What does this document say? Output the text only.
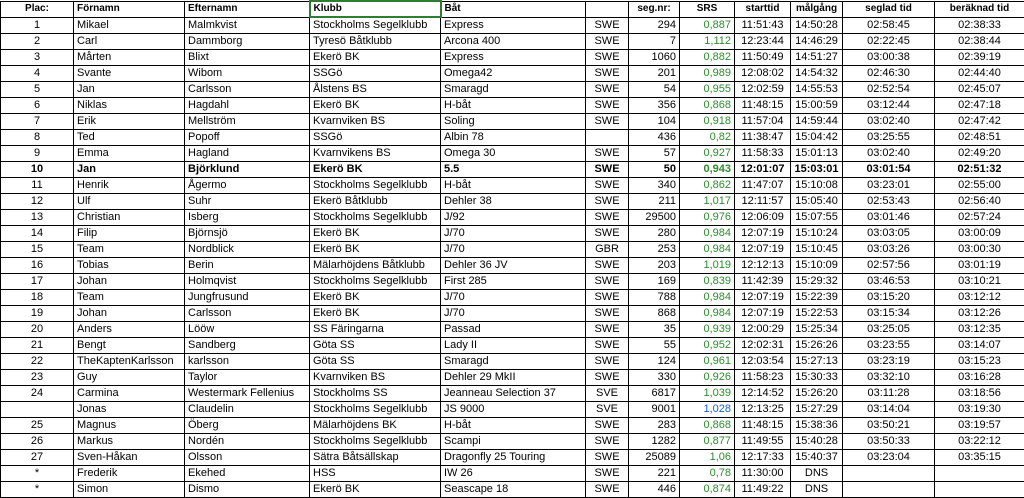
Plac:	Förnamn	Efternamn	Klubb	Båt		seg.nr:	SRS	starttid	målgång	seglad tid	beräknad tid
1	Mikael	Malmkvist	Stockholms Segelklubb	Express	SWE	294	0,887	11:51:43	14:50:28	02:58:45	02:38:33
2	Carl	Dammborg	Tyresö Båtklubb	Arcona 400	SWE	7	1,112	12:23:44	14:46:29	02:22:45	02:38:44
3	Mårten	Blixt	Ekerö BK	Express	SWE	1060	0,882	11:50:49	14:51:27	03:00:38	02:39:19
4	Svante	Wibom	SSGö	Omega42	SWE	201	0,989	12:08:02	14:54:32	02:46:30	02:44:40
5	Jan	Carlsson	Ålstens BS	Smaragd	SWE	54	0,955	12:02:59	14:55:53	02:52:54	02:45:07
6	Niklas	Hagdahl	Ekerö BK	H-båt	SWE	356	0,868	11:48:15	15:00:59	03:12:44	02:47:18
7	Erik	Mellström	Kvarnviken BS	Soling	SWE	104	0,918	11:57:04	14:59:44	03:02:40	02:47:42
8	Ted	Popoff	SSGö	Albin 78		436	0,82	11:38:47	15:04:42	03:25:55	02:48:51
9	Emma	Hagland	Kvarnvikens BS	Omega 30	SWE	57	0,927	11:58:33	15:01:13	03:02:40	02:49:20
10	Jan	Björklund	Ekerö BK	5.5	SWE	50	0,943	12:01:07	15:03:01	03:01:54	02:51:32
11	Henrik	Ågermo	Stockholms Segelklubb	H-båt	SWE	340	0,862	11:47:07	15:10:08	03:23:01	02:55:00
12	Ulf	Suhr	Ekerö Båtklubb	Dehler 38	SWE	211	1,017	12:11:57	15:05:40	02:53:43	02:56:40
13	Christian	Isberg	Stockholms Segelklubb	J/92	SWE	29500	0,976	12:06:09	15:07:55	03:01:46	02:57:24
14	Filip	Björnsjö	Ekerö BK	J/70	SWE	280	0,984	12:07:19	15:10:24	03:03:05	03:00:09
15	Team	Nordblick	Ekerö BK	J/70	GBR	253	0,984	12:07:19	15:10:45	03:03:26	03:00:30
16	Tobias	Berin	Mälarhöjdens Båtklubb	Dehler 36 JV	SWE	203	1,019	12:12:13	15:10:09	02:57:56	03:01:19
17	Johan	Holmqvist	Stockholms Segelklubb	First 285	SWE	169	0,839	11:42:39	15:29:32	03:46:53	03:10:21
18	Team	Jungfrusund	Ekerö BK	J/70	SWE	788	0,984	12:07:19	15:22:39	03:15:20	03:12:12
19	Johan	Carlsson	Ekerö BK	J/70	SWE	868	0,984	12:07:19	15:22:53	03:15:34	03:12:26
20	Anders	Lööw	SS Färingarna	Passad	SWE	35	0,939	12:00:29	15:25:34	03:25:05	03:12:35
21	Bengt	Sandberg	Göta SS	Lady II	SWE	55	0,952	12:02:31	15:26:26	03:23:55	03:14:07
22	TheKaptenKarlsson	karlsson	Göta SS	Smaragd	SWE	124	0,961	12:03:54	15:27:13	03:23:19	03:15:23
23	Guy	Taylor	Kvarnviken BS	Dehler 29 MkII	SWE	330	0,926	11:58:23	15:30:33	03:32:10	03:16:28
24	Carmina	Westermark Fellenius	Stockholms SS	Jeanneau Selection 37	SVE	6817	1,039	12:14:52	15:26:20	03:11:28	03:18:56
	Jonas	Claudelin	Stockholms Segelklubb	JS 9000	SVE	9001	1,028	12:13:25	15:27:29	03:14:04	03:19:30
25	Magnus	Öberg	Mälarhöjdens BK	H-båt	SWE	283	0,868	11:48:15	15:38:36	03:50:21	03:19:57
26	Markus	Nordén	Stockholms Segelklubb	Scampi	SWE	1282	0,877	11:49:55	15:40:28	03:50:33	03:22:12
27	Sven-Håkan	Olsson	Sätra Båtsällskap	Dragonfly 25 Touring	SWE	25089	1,06	12:17:33	15:40:37	03:23:04	03:35:15
*	Frederik	Ekehed	HSS	IW 26	SWE	221	0,78	11:30:00	DNS		
*	Simon	Dismo	Ekerö BK	Seascape 18	SWE	446	0,874	11:49:22	DNS		
